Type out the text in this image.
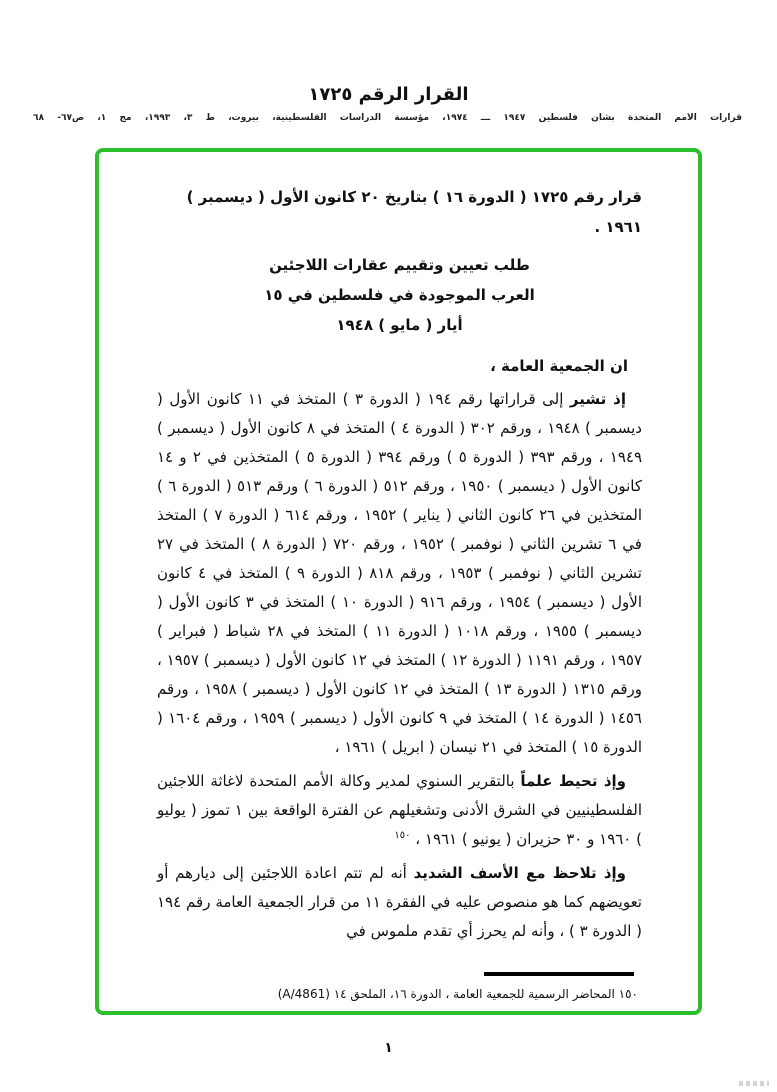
القرار الرقم ١٧٢٥
قرارات الأمم المتحدة بشأن فلسطين ١٩٤٧ ـــ ١٩٧٤، مؤسسة الدراسات الفلسطينية، بيروت، ط ٣، ١٩٩٣، مج ١، ص٦٧- ٦٨

قرار رقم ١٧٢٥ ( الدورة ١٦ ) بتاريخ ٢٠ كانون الأول ( ديسمبر ) ١٩٦١ .

طلب تعيين وتقييم عقارات اللاجئين
العرب الموجودة في فلسطين في ١٥
أيار ( مايو ) ١٩٤٨

ان الجمعية العامة ،

إذ تشير إلى قراراتها رقم ١٩٤ ( الدورة ٣ ) المتخذ في ١١ كانون الأول ( ديسمبر ) ١٩٤٨ ، ورقم ٣٠٢ ( الدورة ٤ ) المتخذ في ٨ كانون الأول ( ديسمبر ) ١٩٤٩ ، ورقم ٣٩٣ ( الدورة ٥ ) ورقم ٣٩٤ ( الدورة ٥ ) المتخذين في ٢ و ١٤ كانون الأول ( ديسمبر ) ١٩٥٠ ، ورقم ٥١٢ ( الدورة ٦ ) ورقم ٥١٣ ( الدورة ٦ ) المتخذين في ٢٦ كانون الثاني ( يناير ) ١٩٥٢ ، ورقم ٦١٤ ( الدورة ٧ ) المتخذ في ٦ تشرين الثاني ( نوفمبر ) ١٩٥٢ ، ورقم ٧٢٠ ( الدورة ٨ ) المتخذ في ٢٧ تشرين الثاني ( نوفمبر ) ١٩٥٣ ، ورقم ٨١٨ ( الدورة ٩ ) المتخذ في ٤ كانون الأول ( ديسمبر ) ١٩٥٤ ، ورقم ٩١٦ ( الدورة ١٠ ) المتخذ في ٣ كانون الأول ( ديسمبر ) ١٩٥٥ ، ورقم ١٠١٨ ( الدورة ١١ ) المتخذ في ٢٨ شباط ( فبراير ) ١٩٥٧ ، ورقم ١١٩١ ( الدورة ١٢ ) المتخذ في ١٢ كانون الأول ( ديسمبر ) ١٩٥٧ ، ورقم ١٣١٥ ( الدورة ١٣ ) المتخذ في ١٢ كانون الأول ( ديسمبر ) ١٩٥٨ ، ورقم ١٤٥٦ ( الدورة ١٤ ) المتخذ في ٩ كانون الأول ( ديسمبر ) ١٩٥٩ ، ورقم ١٦٠٤ ( الدورة ١٥ ) المتخذ في ٢١ نيسان ( ابريل ) ١٩٦١ ،

وإذ تحيط علماً بالتقرير السنوي لمدير وكالة الأمم المتحدة لاغاثة اللاجئين الفلسطينيين في الشرق الأدنى وتشغيلهم عن الفترة الواقعة بين ١ تموز ( يوليو ) ١٩٦٠ و ٣٠ حزيران ( يونيو ) ١٩٦١ ، $^{١٥٠}$

وإذ تلاحظ مع الأسف الشديد أنه لم تتم اعادة اللاجئين إلى ديارهم أو تعويضهم كما هو منصوص عليه في الفقرة ١١ من قرار الجمعية العامة رقم ١٩٤ ( الدورة ٣ ) ، وأنه لم يحرز أي تقدم ملموس في

١٥٠ المحاضر الرسمية للجمعية العامة ، الدورة ١٦، الملحق ١٤ (A/4861)

١
